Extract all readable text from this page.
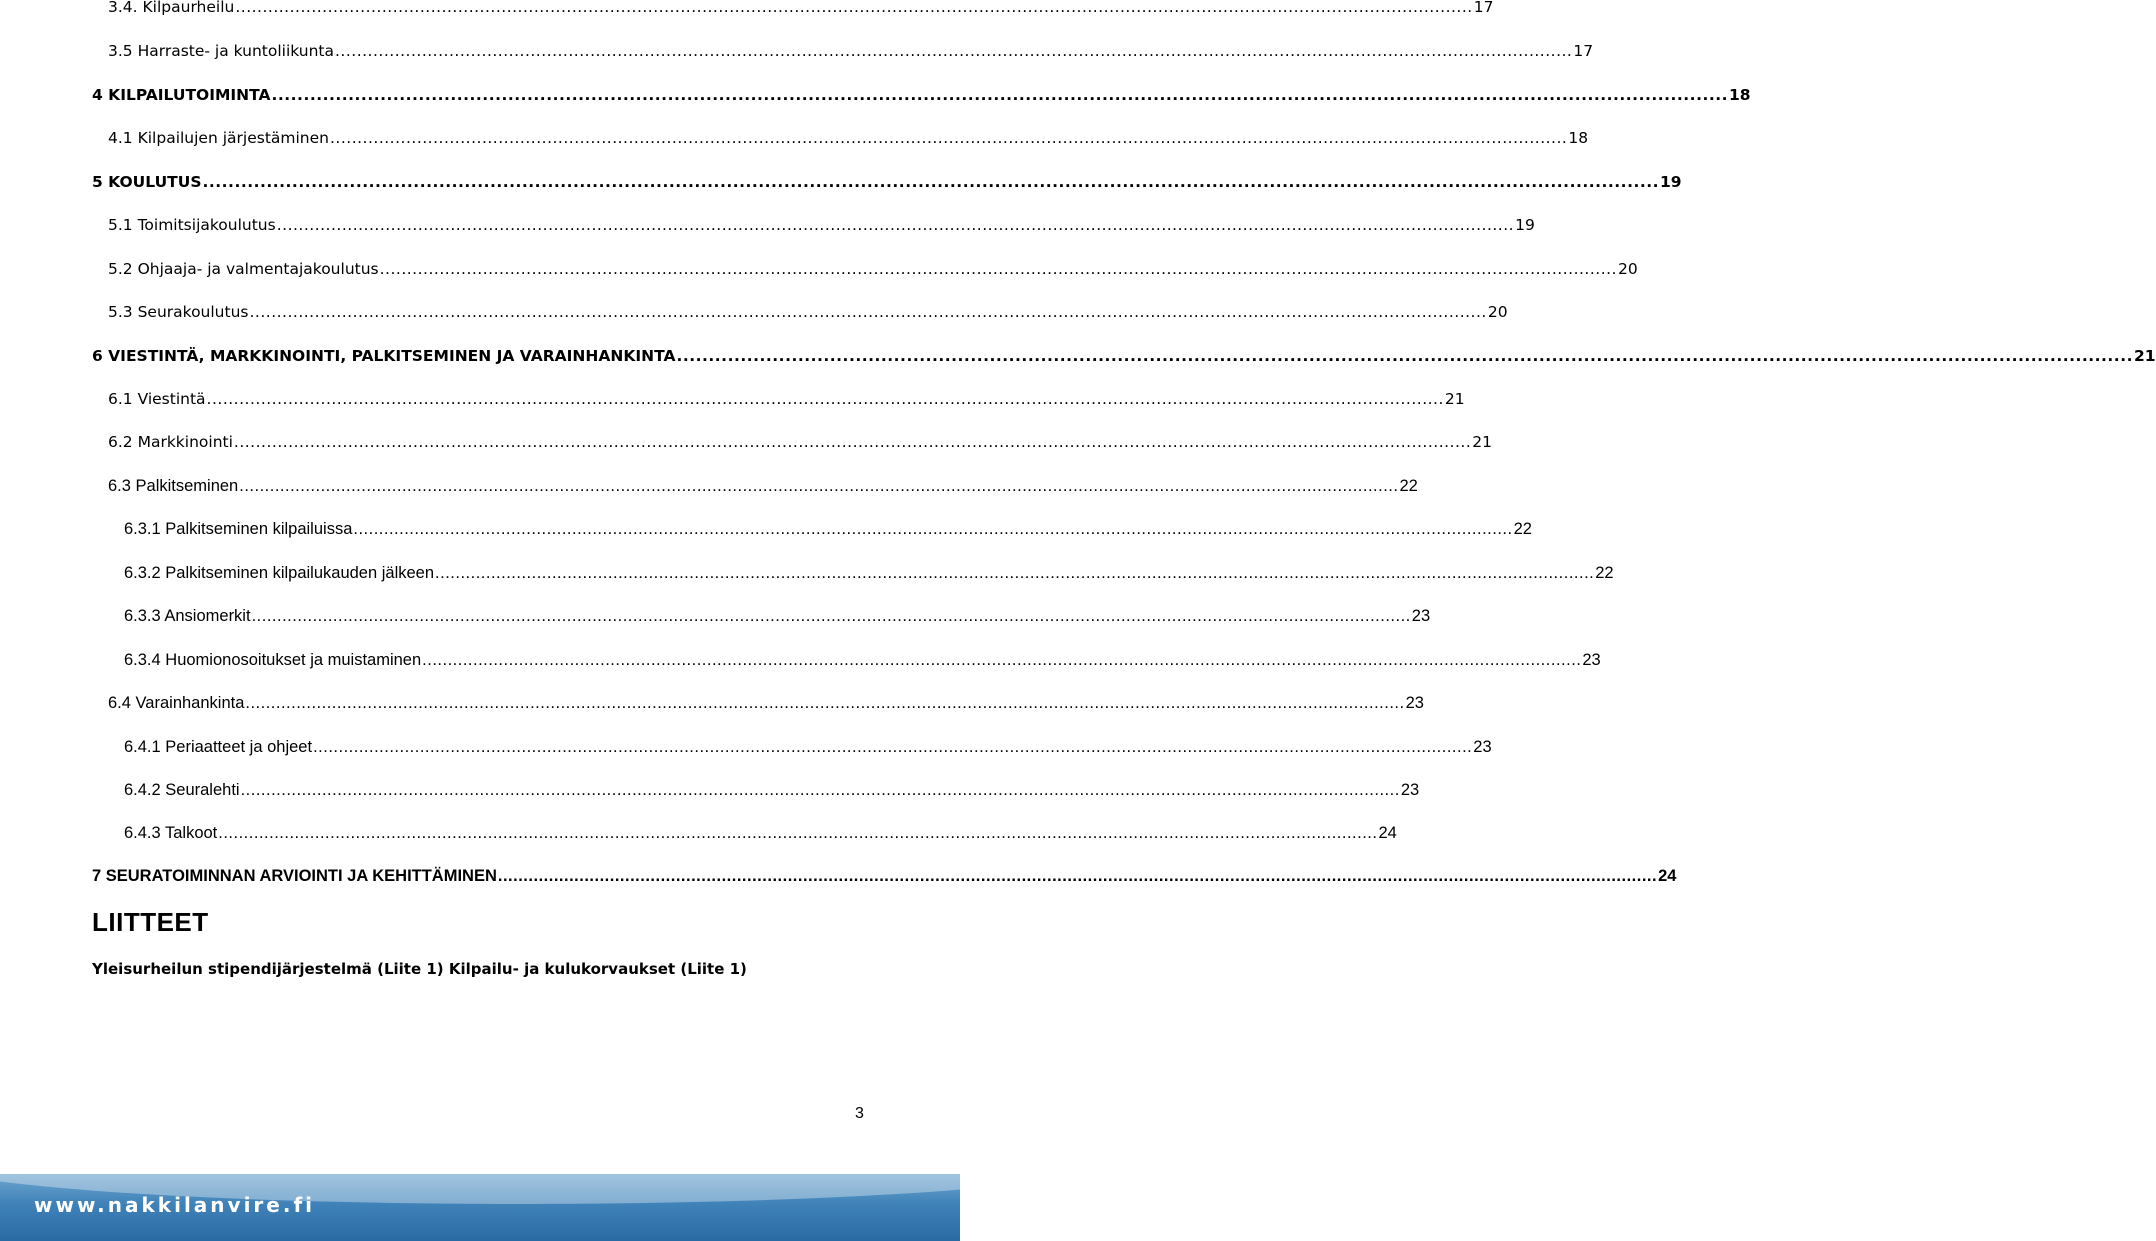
3.4. Kilpaurheilu .................................................................................................................................................................................................................................... 17
3.5 Harraste- ja kuntoliikunta .................................................................................................................................................................................................................................... 17
4 KILPAILUTOIMINTA .................................................................................................................................................................................................................................... 18
4.1 Kilpailujen järjestäminen .................................................................................................................................................................................................................................... 18
5 KOULUTUS .................................................................................................................................................................................................................................... 19
5.1 Toimitsijakoulutus .................................................................................................................................................................................................................................... 19
5.2 Ohjaaja- ja valmentajakoulutus .................................................................................................................................................................................................................................... 20
5.3 Seurakoulutus .................................................................................................................................................................................................................................... 20
6 VIESTINTÄ, MARKKINOINTI, PALKITSEMINEN JA VARAINHANKINTA .................................................................................................................................................................................................................................... 21
6.1 Viestintä .................................................................................................................................................................................................................................... 21
6.2 Markkinointi .................................................................................................................................................................................................................................... 21
6.3 Palkitseminen .................................................................................................................................................................................................................................... 22
6.3.1 Palkitseminen kilpailuissa .................................................................................................................................................................................................................................... 22
6.3.2 Palkitseminen kilpailukauden jälkeen .................................................................................................................................................................................................................................... 22
6.3.3 Ansiomerkit .................................................................................................................................................................................................................................... 23
6.3.4 Huomionosoitukset ja muistaminen .................................................................................................................................................................................................................................... 23
6.4 Varainhankinta .................................................................................................................................................................................................................................... 23
6.4.1 Periaatteet ja ohjeet .................................................................................................................................................................................................................................... 23
6.4.2 Seuralehti .................................................................................................................................................................................................................................... 23
6.4.3 Talkoot .................................................................................................................................................................................................................................... 24
7 SEURATOIMINNAN ARVIOINTI JA KEHITTÄMINEN .................................................................................................................................................................................................................................... 24
LIITTEET
Yleisurheilun stipendijärjestelmä (Liite 1) Kilpailu- ja kulukorvaukset (Liite 1)
3
www.nakkilanvire.fi
